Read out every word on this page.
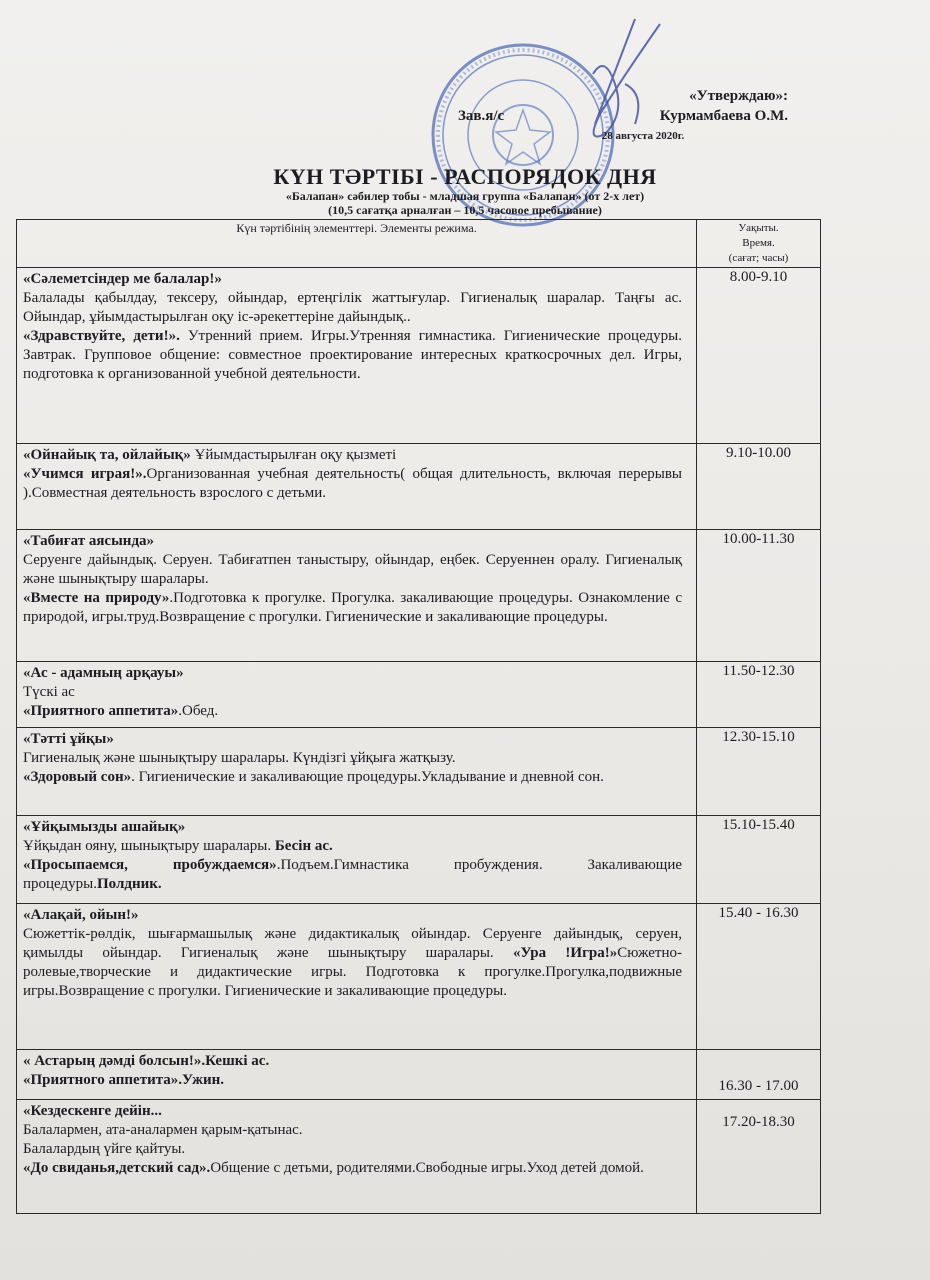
«Утверждаю»:
Зав.я/с	Курмамбаева О.М.
28 августа 2020г.
КҮН ТӘРТІБІ - РАСПОРЯДОК ДНЯ
«Балапан» сәбилер тобы - младшая группа «Балапан» (от 2-х лет)
(10,5 сағатқа арналған – 10,5 часовое пребывание)
Күн тәртібінің элементтері. Элементы режима.	Уақыты.
Время.
(сағат; часы)

«Сәлеметсіндер ме балалар!»
Балалады қабылдау, тексеру, ойындар, ертеңгілік жаттығулар. Гигиеналық шаралар. Таңғы ас. Ойындар, ұйымдастырылған оқу іс-әрекеттеріне дайындық..
«Здравствуйте, дети!». Утренний прием. Игры.Утренняя гимнастика. Гигиенические процедуры. Завтрак. Групповое общение: совместное проектирование интересных краткосрочных дел. Игры, подготовка к организованной учебной деятельности.	8.00-9.10

«Ойнайық та, ойлайық» Ұйымдастырылған оқу қызметі
«Учимся играя!».Организованная учебная деятельность( общая длительность, включая перерывы ).Совместная деятельность взрослого с детьми.	9.10-10.00

«Табиғат аясында»
Серуенге дайындық. Серуен. Табиғатпен таныстыру, ойындар, еңбек. Серуеннен оралу. Гигиеналық және шынықтыру шаралары.
«Вместе на природу».Подготовка к прогулке. Прогулка. закаливающие процедуры. Ознакомление с природой, игры.труд.Возвращение с прогулки. Гигиенические и закаливающие процедуры.	10.00-11.30

«Ас - адамның арқауы»
Түскі ас
«Приятного аппетита».Обед.	11.50-12.30

«Тәтті ұйқы»
Гигиеналық және шынықтыру шаралары. Күндізгі ұйқыға жатқызу.
«Здоровый сон». Гигиенические и закаливающие процедуры.Укладывание и дневной сон.	12.30-15.10

«Ұйқымызды ашайық»
Ұйқыдан ояну, шынықтыру шаралары. Бесін ас.
«Просыпаемся, пробуждаемся».Подъем.Гимнастика пробуждения. Закаливающие процедуры.Полдник.	15.10-15.40

«Алақай, ойын!»
Сюжеттік-рөлдік, шығармашылық және дидактикалық ойындар. Серуенге дайындық, серуен, қимылды ойындар. Гигиеналық және шынықтыру шаралары. «Ура !Игра!»Сюжетно-ролевые,творческие и дидактические игры. Подготовка к прогулке.Прогулка,подвижные игры.Возвращение с прогулки. Гигиенические и закаливающие процедуры.	15.40 - 16.30

« Астарың дәмді болсын!».Кешкі ас.
«Приятного аппетита».Ужин.	16.30 - 17.00

«Кездескенге дейін...
Балалармен, ата-аналармен қарым-қатынас.
Балалардың үйге қайтуы.
«До свиданья,детский сад».Общение с детьми, родителями.Свободные игры.Уход детей домой.	17.20-18.30
